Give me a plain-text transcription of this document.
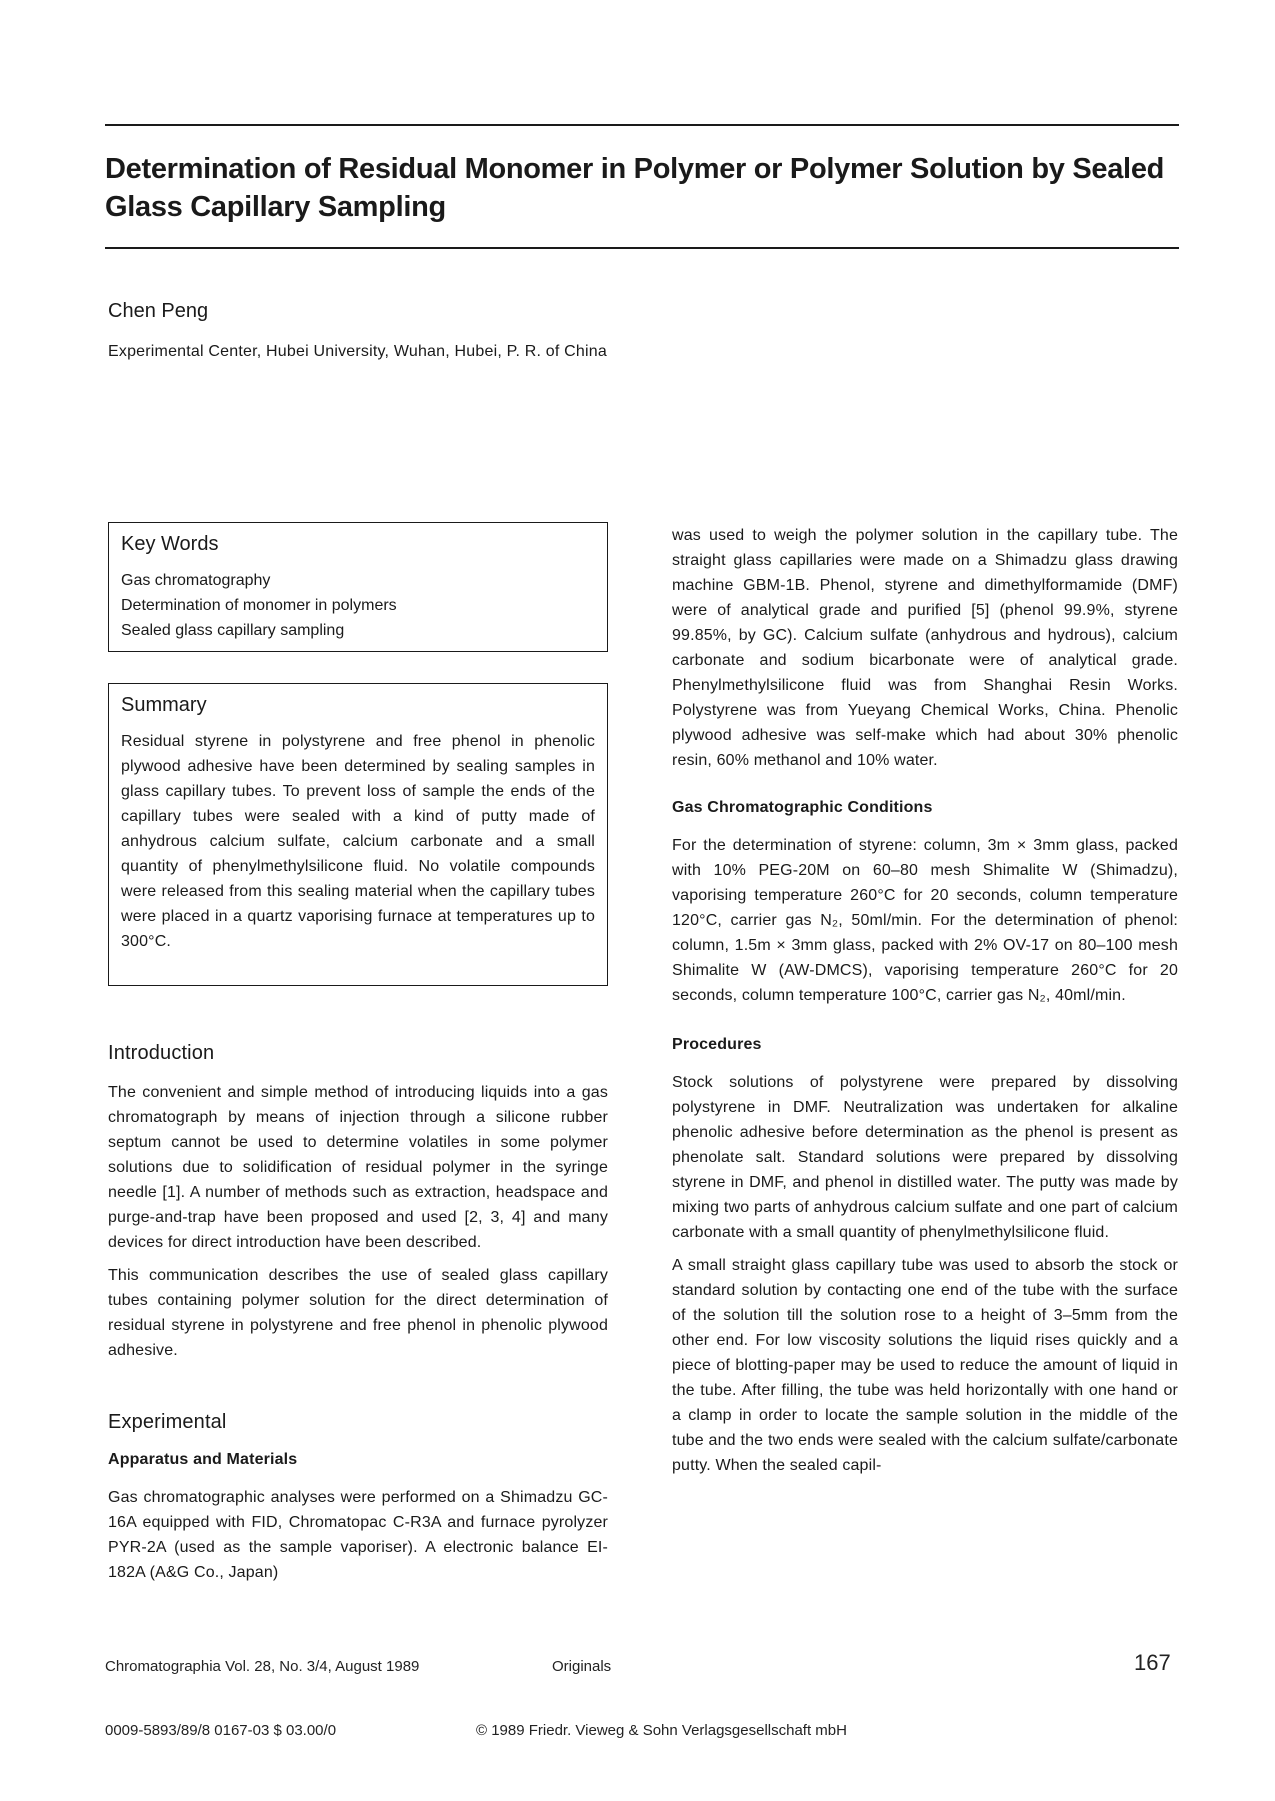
Determination of Residual Monomer in Polymer or Polymer Solution by Sealed Glass Capillary Sampling
Chen Peng
Experimental Center, Hubei University, Wuhan, Hubei, P. R. of China
Key Words
Gas chromatography
Determination of monomer in polymers
Sealed glass capillary sampling
Summary
Residual styrene in polystyrene and free phenol in phenolic plywood adhesive have been determined by sealing samples in glass capillary tubes. To prevent loss of sample the ends of the capillary tubes were sealed with a kind of putty made of anhydrous calcium sulfate, calcium carbonate and a small quantity of phenylmethylsilicone fluid. No volatile compounds were released from this sealing material when the capillary tubes were placed in a quartz vaporising furnace at temperatures up to 300°C.
Introduction

The convenient and simple method of introducing liquids into a gas chromatograph by means of injection through a silicone rubber septum cannot be used to determine volatiles in some polymer solutions due to solidification of residual polymer in the syringe needle [1]. A number of methods such as extraction, headspace and purge-and-trap have been proposed and used [2, 3, 4] and many devices for direct introduction have been described.

This communication describes the use of sealed glass capillary tubes containing polymer solution for the direct determination of residual styrene in polystyrene and free phenol in phenolic plywood adhesive.

Experimental
Apparatus and Materials

Gas chromatographic analyses were performed on a Shimadzu GC-16A equipped with FID, Chromatopac C-R3A and furnace pyrolyzer PYR-2A (used as the sample vaporiser). A electronic balance EI-182A (A&G Co., Japan)

was used to weigh the polymer solution in the capillary tube. The straight glass capillaries were made on a Shimadzu glass drawing machine GBM-1B. Phenol, styrene and dimethylformamide (DMF) were of analytical grade and purified [5] (phenol 99.9%, styrene 99.85%, by GC). Calcium sulfate (anhydrous and hydrous), calcium carbonate and sodium bicarbonate were of analytical grade. Phenylmethylsilicone fluid was from Shanghai Resin Works. Polystyrene was from Yueyang Chemical Works, China. Phenolic plywood adhesive was self-make which had about 30% phenolic resin, 60% methanol and 10% water.

Gas Chromatographic Conditions

For the determination of styrene: column, 3m × 3mm glass, packed with 10% PEG-20M on 60–80 mesh Shimalite W (Shimadzu), vaporising temperature 260°C for 20 seconds, column temperature 120°C, carrier gas N₂, 50ml/min. For the determination of phenol: column, 1.5m × 3mm glass, packed with 2% OV-17 on 80–100 mesh Shimalite W (AW-DMCS), vaporising temperature 260°C for 20 seconds, column temperature 100°C, carrier gas N₂, 40ml/min.

Procedures

Stock solutions of polystyrene were prepared by dissolving polystyrene in DMF. Neutralization was undertaken for alkaline phenolic adhesive before determination as the phenol is present as phenolate salt. Standard solutions were prepared by dissolving styrene in DMF, and phenol in distilled water. The putty was made by mixing two parts of anhydrous calcium sulfate and one part of calcium carbonate with a small quantity of phenylmethylsilicone fluid.

A small straight glass capillary tube was used to absorb the stock or standard solution by contacting one end of the tube with the surface of the solution till the solution rose to a height of 3–5mm from the other end. For low viscosity solutions the liquid rises quickly and a piece of blotting-paper may be used to reduce the amount of liquid in the tube. After filling, the tube was held horizontally with one hand or a clamp in order to locate the sample solution in the middle of the tube and the two ends were sealed with the calcium sulfate/carbonate putty. When the sealed capil-

Chromatographia Vol. 28, No. 3/4, August 1989	Originals	167
0009-5893/89/8 0167-03 $ 03.00/0	© 1989 Friedr. Vieweg & Sohn Verlagsgesellschaft mbH
